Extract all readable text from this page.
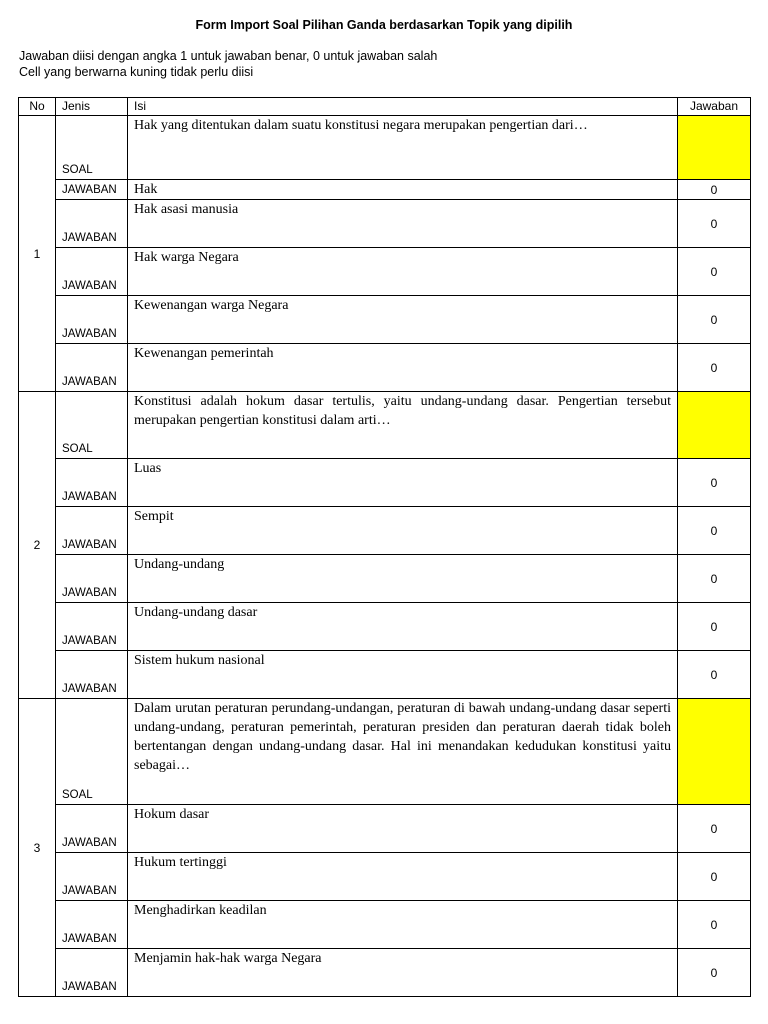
Form Import Soal Pilihan Ganda berdasarkan Topik yang dipilih
Jawaban diisi dengan angka 1 untuk jawaban benar, 0 untuk jawaban salah
Cell yang berwarna kuning tidak perlu diisi
No	Jenis	Isi	Jawaban
1	SOAL	Hak yang ditentukan dalam suatu konstitusi negara merupakan pengertian dari…	
	JAWABAN	Hak	0
	JAWABAN	Hak asasi manusia	0
	JAWABAN	Hak warga Negara	0
	JAWABAN	Kewenangan warga Negara	0
	JAWABAN	Kewenangan pemerintah	0
2	SOAL	Konstitusi adalah hokum dasar tertulis, yaitu undang-undang dasar. Pengertian tersebut merupakan pengertian konstitusi dalam arti…	
	JAWABAN	Luas	0
	JAWABAN	Sempit	0
	JAWABAN	Undang-undang	0
	JAWABAN	Undang-undang dasar	0
	JAWABAN	Sistem hukum nasional	0
3	SOAL	Dalam urutan peraturan perundang-undangan, peraturan di bawah undang-undang dasar seperti undang-undang, peraturan pemerintah, peraturan presiden dan peraturan daerah tidak boleh bertentangan dengan undang-undang dasar. Hal ini menandakan kedudukan konstitusi yaitu sebagai…	
	JAWABAN	Hokum dasar	0
	JAWABAN	Hukum tertinggi	0
	JAWABAN	Menghadirkan keadilan	0
	JAWABAN	Menjamin hak-hak warga Negara	0
